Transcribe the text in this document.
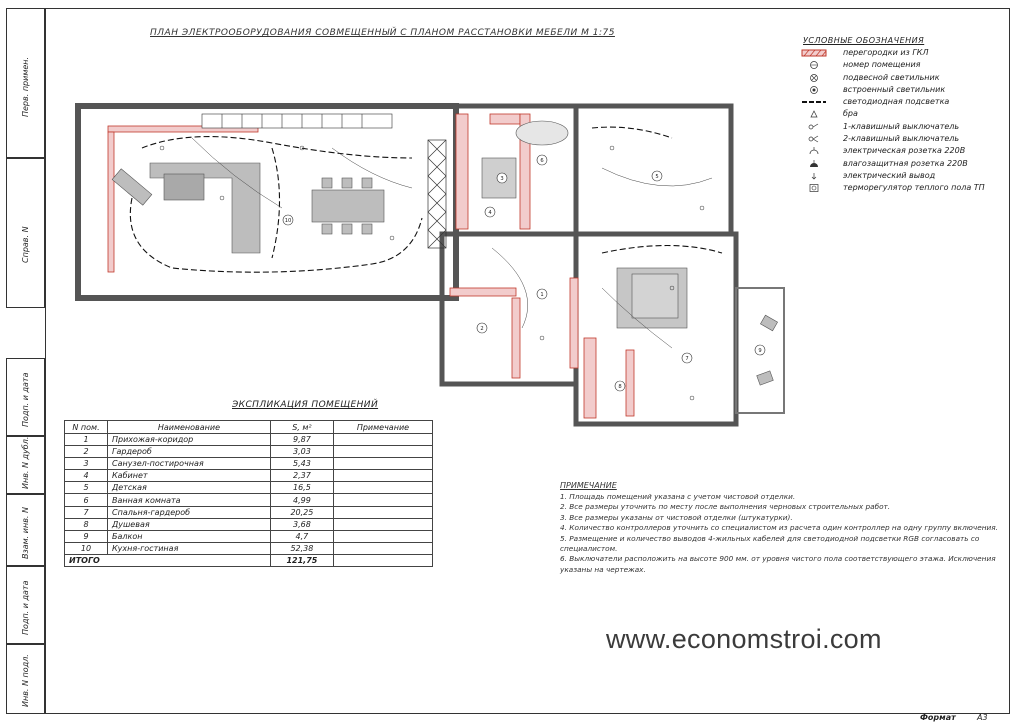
Перв. примен.
Справ. N
Подп. и дата
Инв. N дубл.
Взам. инв. N
Подп. и дата
Инв. N подл.
ПЛАН ЭЛЕКТРООБОРУДОВАНИЯ СОВМЕЩЕННЫЙ С ПЛАНОМ РАССТАНОВКИ МЕБЕЛИ М 1:75
УСЛОВНЫЕ ОБОЗНАЧЕНИЯ
перегородки из ГКЛ
номер помещения
подвесной светильник
встроенный светильник
светодиодная подсветка
бра
1-клавишный выключатель
2-клавишный выключатель
электрическая розетка 220В
влагозащитная розетка 220В
электрический вывод
терморегулятор теплого пола ТП
10
1
2
3
4
5
6
7
8
9
ЭКСПЛИКАЦИЯ ПОМЕЩЕНИЙ
N пом.	Наименование	S, м²	Примечание
1	Прихожая-коридор	9,87	
2	Гардероб	3,03	
3	Санузел-постирочная	5,43	
4	Кабинет	2,37	
5	Детская	16,5	
6	Ванная комната	4,99	
7	Спальня-гардероб	20,25	
8	Душевая	3,68	
9	Балкон	4,7	
10	Кухня-гостиная	52,38	
ИТОГО		121,75	
ПРИМЕЧАНИЕ
1. Площадь помещений указана с учетом чистовой отделки.
2. Все размеры уточнить по месту после выполнения черновых строительных работ.
3. Все размеры указаны от чистовой отделки (штукатурки).
4. Количество контроллеров уточнить со специалистом из расчета один контроллер на одну группу включения.
5. Размещение и количество выводов 4-жильных кабелей для светодиодной подсветки RGB согласовать со
специалистом.
6. Выключатели расположить на высоте 900 мм. от уровня чистого пола соответствующего этажа. Исключения
указаны на чертежах.
www.economstroi.com
Формат	А3
